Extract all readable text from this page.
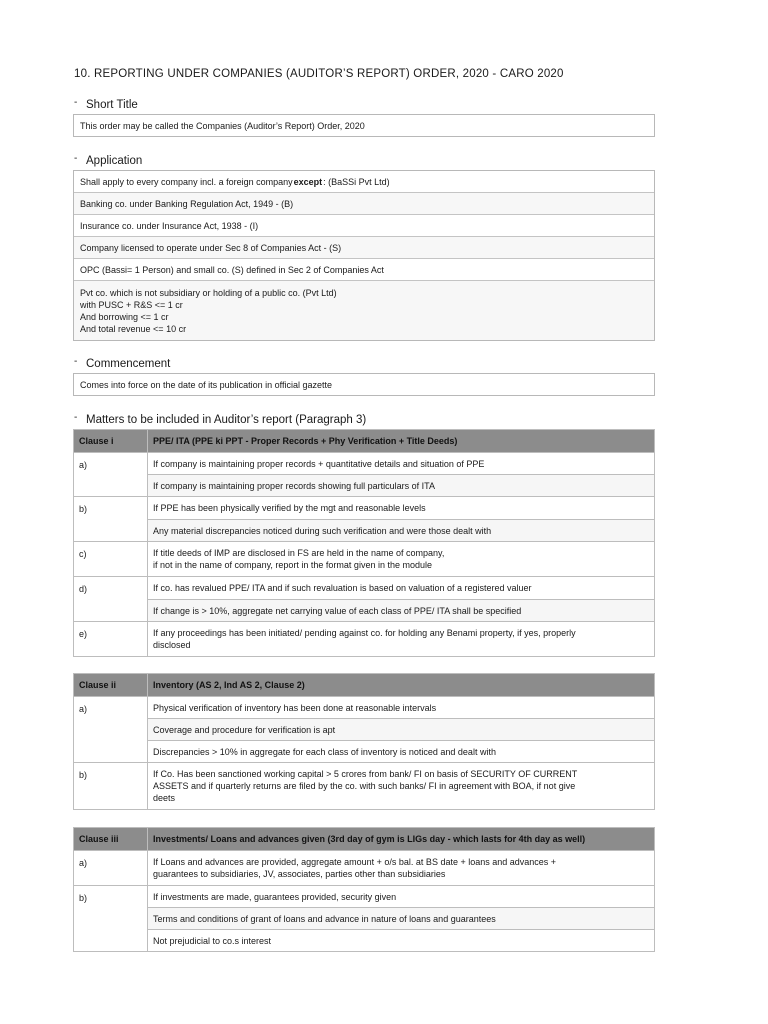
10. REPORTING UNDER COMPANIES (AUDITOR’S REPORT) ORDER, 2020 - CARO 2020
- Short Title
This order may be called the Companies (Auditor’s Report) Order, 2020
- Application
Shall apply to every company incl. a foreign company except : (BaSSi Pvt Ltd)
Banking co. under Banking Regulation Act, 1949 - (B)
Insurance co. under Insurance Act, 1938 - (I)
Company licensed to operate under Sec 8 of Companies Act - (S)
OPC (Bassi= 1 Person) and small co. (S) defined in Sec 2 of Companies Act
Pvt co. which is not subsidiary or holding of a public co. (Pvt Ltd)
with PUSC + R&S <= 1 cr
And borrowing <= 1 cr
And total revenue <= 10 cr
- Commencement
Comes into force on the date of its publication in official gazette
- Matters to be included in Auditor’s report (Paragraph 3)
Clause i	PPE/ ITA (PPE ki PPT - Proper Records + Phy Verification + Title Deeds)
a)	If company is maintaining proper records + quantitative details and situation of PPE
	If company is maintaining proper records showing full particulars of ITA
b)	If PPE has been physically verified by the mgt and reasonable levels
	Any material discrepancies noticed during such verification and were those dealt with
c)	If title deeds of IMP are disclosed in FS are held in the name of company,
if not in the name of company, report in the format given in the module

d)	If co. has revalued PPE/ ITA and if such revaluation is based on valuation of a registered valuer
	If change is > 10%, aggregate net carrying value of each class of PPE/ ITA shall be specified
e)	If any proceedings has been initiated/ pending against co. for holding any Benami property, if yes, properly
disclosed
Clause ii	Inventory (AS 2, Ind AS 2, Clause 2)
a)	Physical verification of inventory has been done at reasonable intervals
	Coverage and procedure for verification is apt
	Discrepancies > 10% in aggregate for each class of inventory is noticed and dealt with
b)	If Co. Has been sanctioned working capital > 5 crores from bank/ FI on basis of SECURITY OF CURRENT
ASSETS and if quarterly returns are filed by the co. with such banks/ FI in agreement with BOA, if not give
deets
Clause iii	Investments/ Loans and advances given (3rd day of gym is LIGs day - which lasts for 4th day as well)
a)	If Loans and advances are provided, aggregate amount + o/s bal. at BS date + loans and advances +
guarantees to subsidiaries, JV, associates, parties other than subsidiaries

b)	If investments are made, guarantees provided, security given
	Terms and conditions of grant of loans and advance in nature of loans and guarantees
	Not prejudicial to co.s interest
